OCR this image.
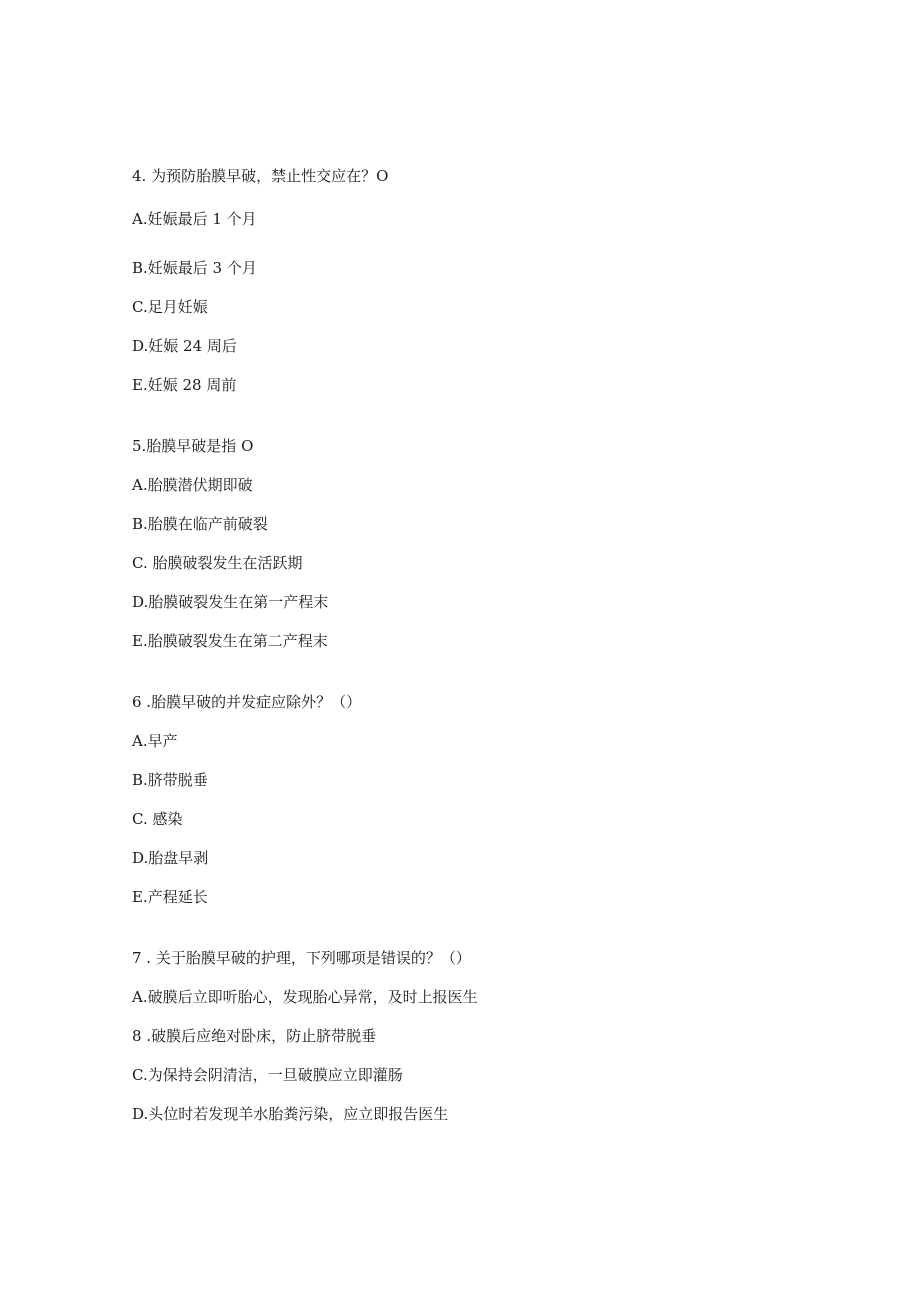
4. 为预防胎膜早破，禁止性交应在？O
A.妊娠最后 1 个月
B.妊娠最后 3 个月
C.足月妊娠
D.妊娠 24 周后
E.妊娠 28 周前
5.胎膜早破是指 O
A.胎膜潜伏期即破
B.胎膜在临产前破裂
C. 胎膜破裂发生在活跃期
D.胎膜破裂发生在第一产程末
E.胎膜破裂发生在第二产程末
6 .胎膜早破的并发症应除外？（）
A.早产
B.脐带脱垂
C. 感染
D.胎盘早剥
E.产程延长
7 . 关于胎膜早破的护理，下列哪项是错误的？（）
A.破膜后立即听胎心，发现胎心异常，及时上报医生
8 .破膜后应绝对卧床，防止脐带脱垂
C.为保持会阴清洁，一旦破膜应立即灌肠
D.头位时若发现羊水胎粪污染，应立即报告医生
